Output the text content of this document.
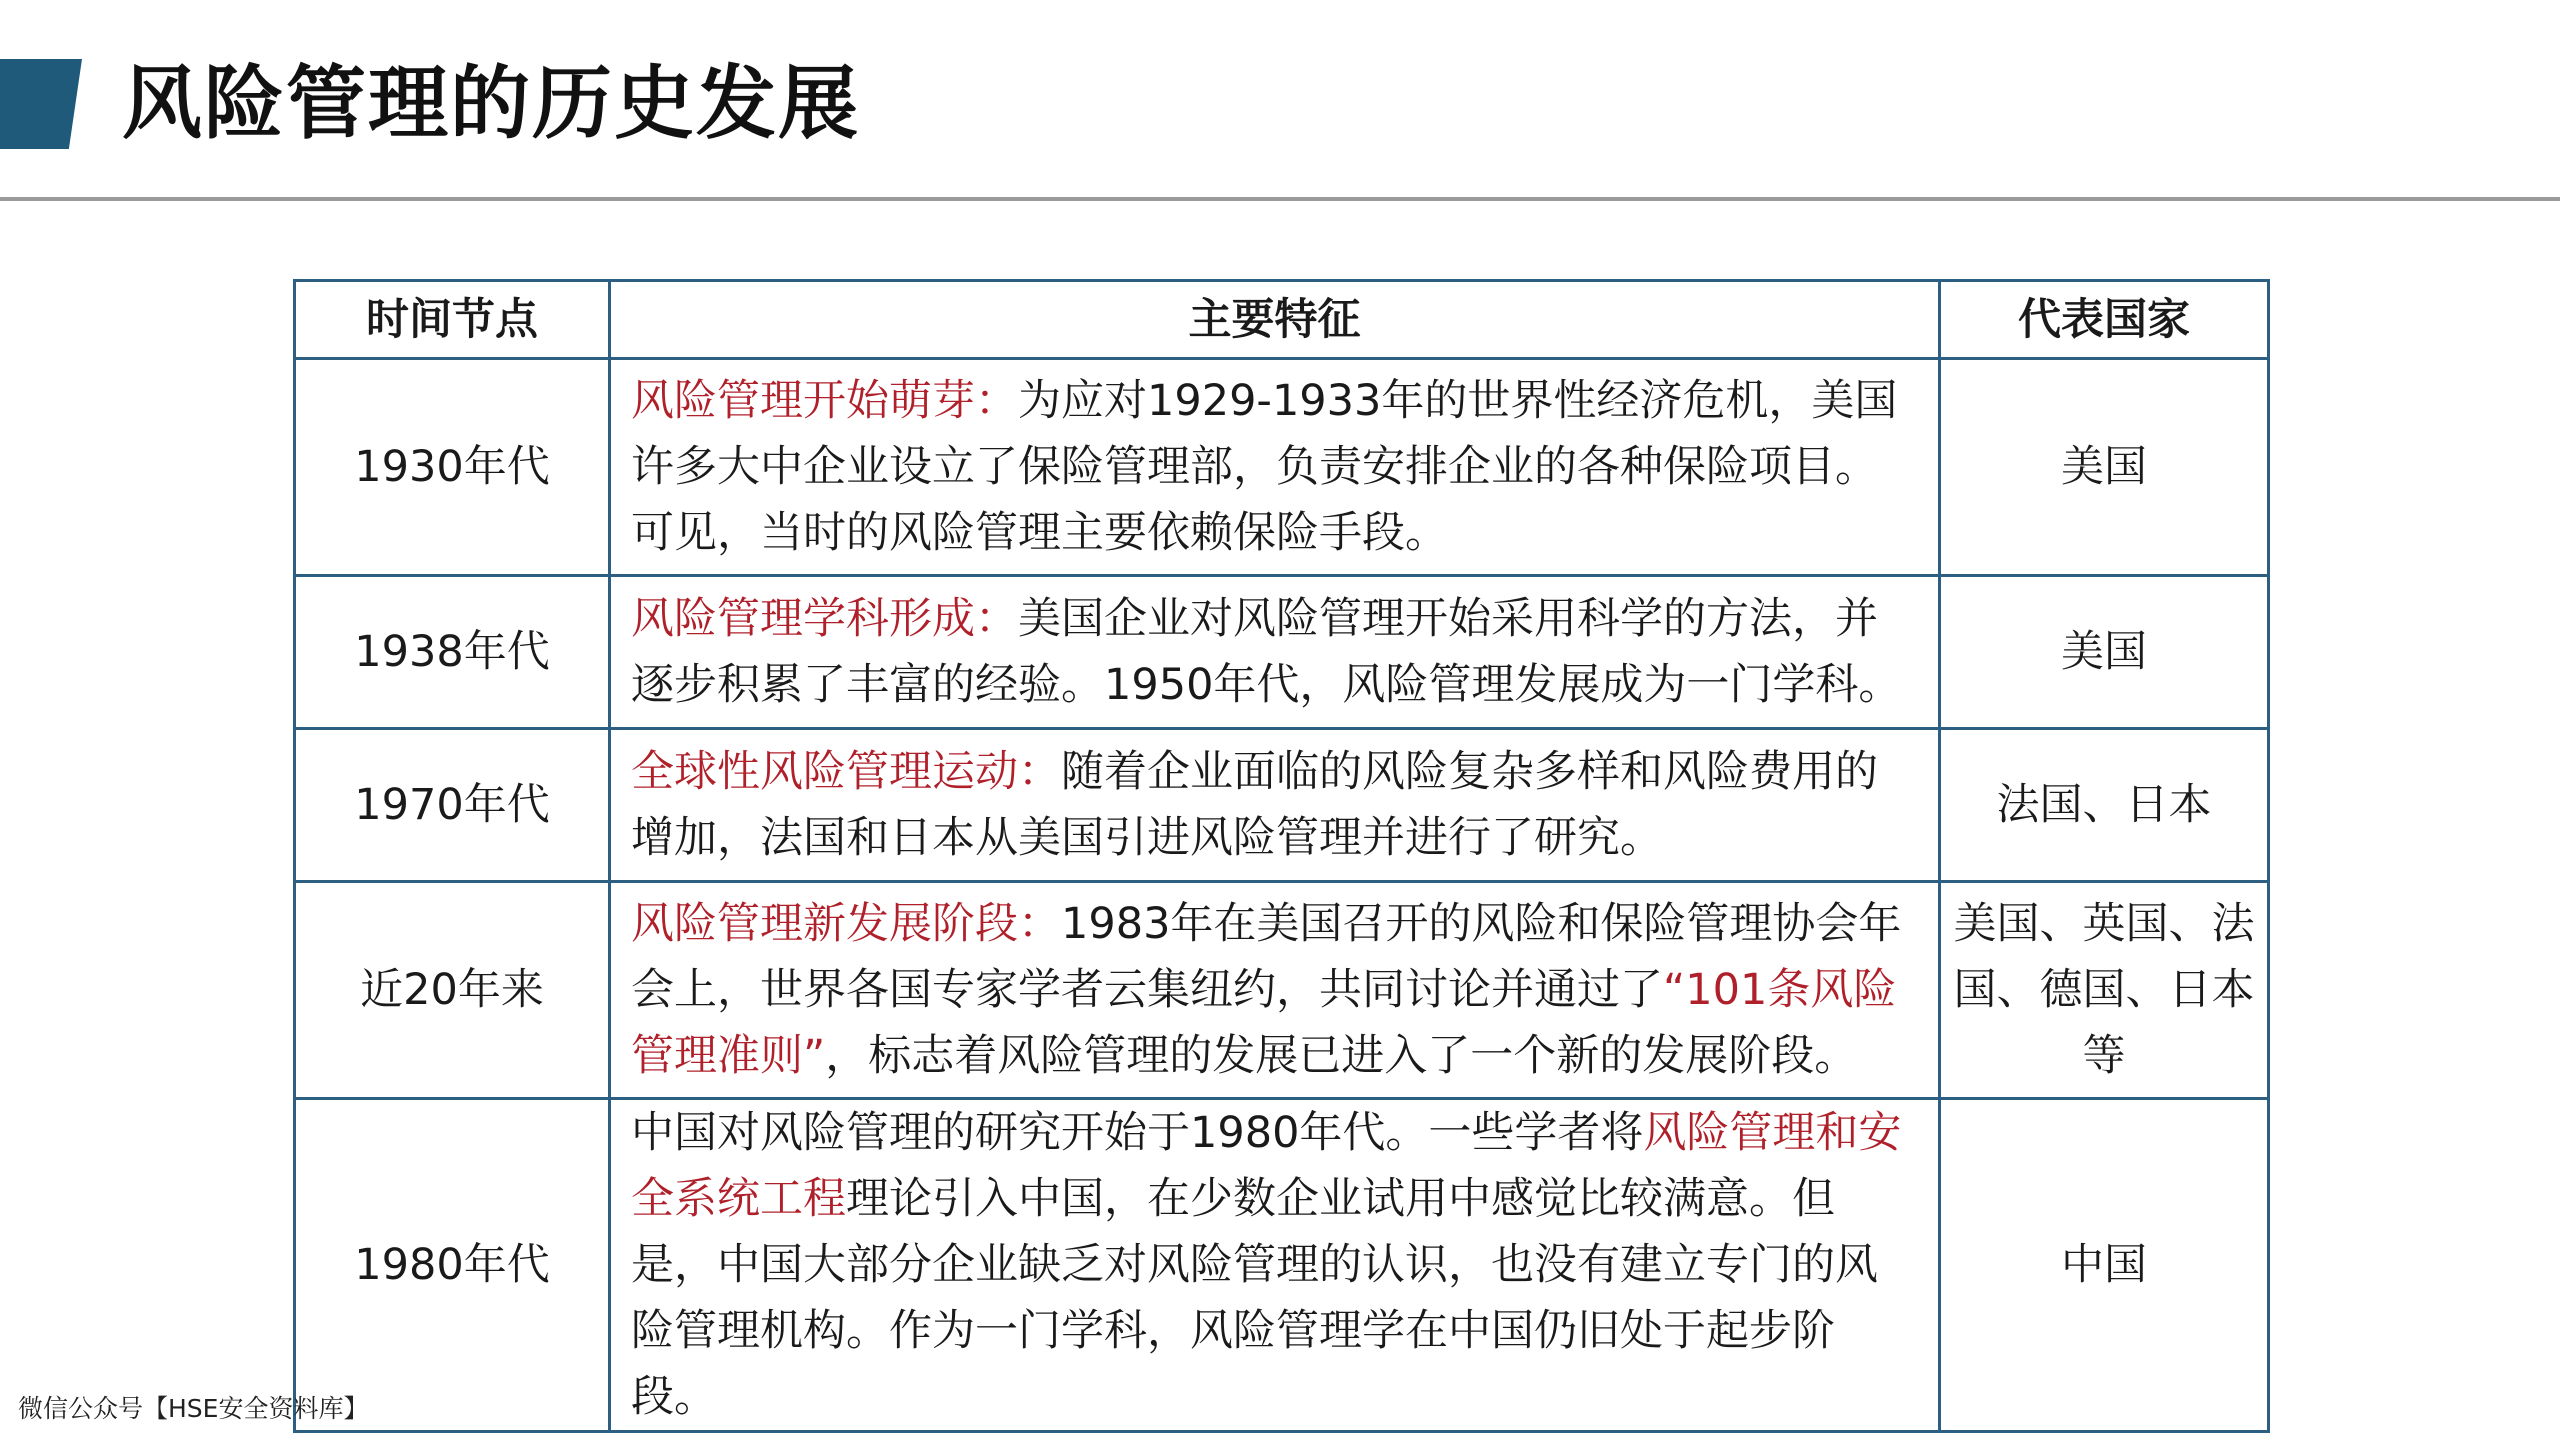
风险管理的历史发展
时间节点	主要特征	代表国家
1930年代	风险管理开始萌芽：为应对1929-1933年的世界性经济危机，美国许多大中企业设立了保险管理部，负责安排企业的各种保险项目。可见，当时的风险管理主要依赖保险手段。	美国
1938年代	风险管理学科形成：美国企业对风险管理开始采用科学的方法，并逐步积累了丰富的经验。1950年代，风险管理发展成为一门学科。	美国
1970年代	全球性风险管理运动：随着企业面临的风险复杂多样和风险费用的增加，法国和日本从美国引进风险管理并进行了研究。	法国、日本
近20年来	风险管理新发展阶段：1983年在美国召开的风险和保险管理协会年会上，世界各国专家学者云集纽约，共同讨论并通过了“101条风险管理准则”，标志着风险管理的发展已进入了一个新的发展阶段。	美国、英国、法国、德国、日本等
1980年代	中国对风险管理的研究开始于1980年代。一些学者将风险管理和安全系统工程理论引入中国，在少数企业试用中感觉比较满意。但是，中国大部分企业缺乏对风险管理的认识，也没有建立专门的风险管理机构。作为一门学科，风险管理学在中国仍旧处于起步阶段。	中国
微信公众号【HSE安全资料库】
